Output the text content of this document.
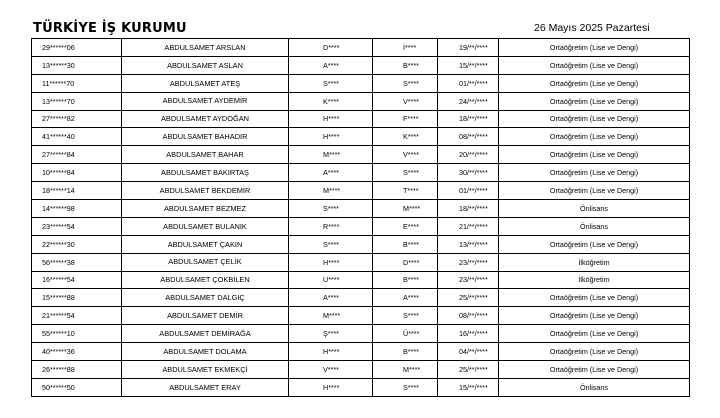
TÜRKİYE İŞ KURUMU	26 Mayıs 2025 Pazartesi
29******06	ABDULSAMET ARSLAN	D****	İ****	19/**/****	Ortaöğretim (Lise ve Dengi)
13******30	ABDULSAMET ASLAN	A****	B****	15/**/****	Ortaöğretim (Lise ve Dengi)
11******70	ABDULSAMET ATEŞ	S****	S****	01/**/****	Ortaöğretim (Lise ve Dengi)
13******70	ABDULSAMET AYDEMİR	K****	V****	24/**/****	Ortaöğretim (Lise ve Dengi)
27******82	ABDULSAMET AYDOĞAN	H****	F****	18/**/****	Ortaöğretim (Lise ve Dengi)
41******40	ABDULSAMET BAHADIR	H****	K****	08/**/****	Ortaöğretim (Lise ve Dengi)
27******84	ABDULSAMET BAHAR	M****	V****	20/**/****	Ortaöğretim (Lise ve Dengi)
10******84	ABDULSAMET BAKIRTAŞ	A****	S****	30/**/****	Ortaöğretim (Lise ve Dengi)
18******14	ABDULSAMET BEKDEMİR	M****	T****	01/**/****	Ortaöğretim (Lise ve Dengi)
14******98	ABDULSAMET BEZMEZ	S****	M****	18/**/****	Önlisans
23******54	ABDULSAMET BULANIK	R****	E****	21/**/****	Önlisans
22******30	ABDULSAMET ÇAKIN	S****	B****	13/**/****	Ortaöğretim (Lise ve Dengi)
56******38	ABDULSAMET ÇELİK	H****	D****	23/**/****	İlköğretim
16******54	ABDULSAMET ÇOKBİLEN	U****	B****	23/**/****	İlköğretim
15******88	ABDULSAMET DALGIÇ	A****	A****	25/**/****	Ortaöğretim (Lise ve Dengi)
21******54	ABDULSAMET DEMİR	M****	S****	08/**/****	Ortaöğretim (Lise ve Dengi)
55******10	ABDULSAMET DEMİRAĞA	Ş****	Ü****	16/**/****	Ortaöğretim (Lise ve Dengi)
40******36	ABDULSAMET DOLAMA	H****	B****	04/**/****	Ortaöğretim (Lise ve Dengi)
26******88	ABDULSAMET EKMEKÇİ	V****	M****	25/**/****	Ortaöğretim (Lise ve Dengi)
50******50	ABDULSAMET ERAY	H****	S****	15/**/****	Önlisans
